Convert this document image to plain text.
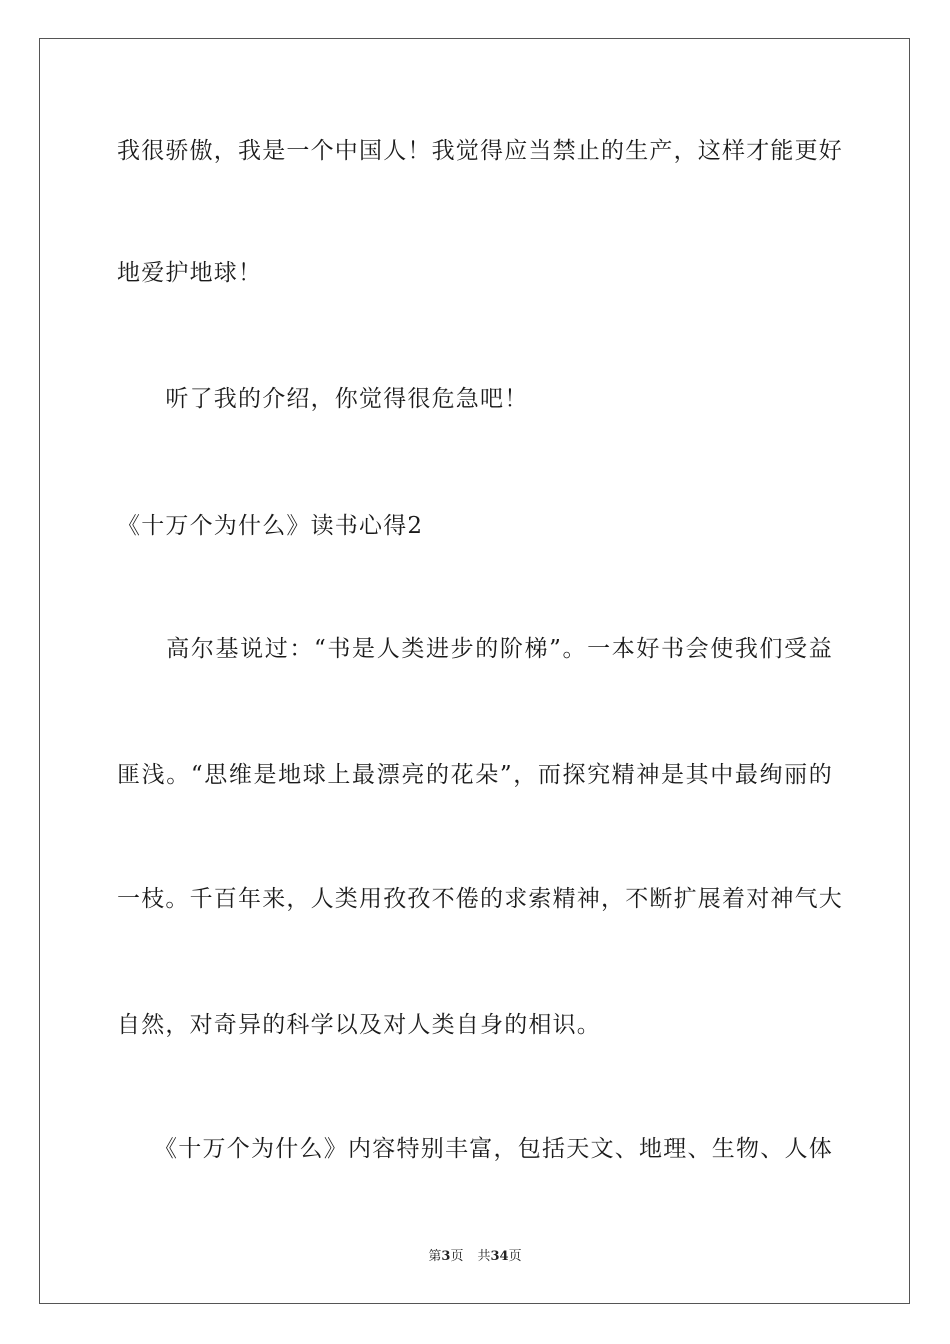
我很骄傲，我是一个中国人！我觉得应当禁止的生产，这样才能更好
地爱护地球！
　　听了我的介绍，你觉得很危急吧！
《十万个为什么》读书心得2
　　高尔基说过：“书是人类进步的阶梯”。一本好书会使我们受益
匪浅。“思维是地球上最漂亮的花朵”，而探究精神是其中最绚丽的
一枝。千百年来，人类用孜孜不倦的求索精神，不断扩展着对神气大
自然，对奇异的科学以及对人类自身的相识。
　　《十万个为什么》内容特别丰富，包括天文、地理、生物、人体
第3页 共34页
